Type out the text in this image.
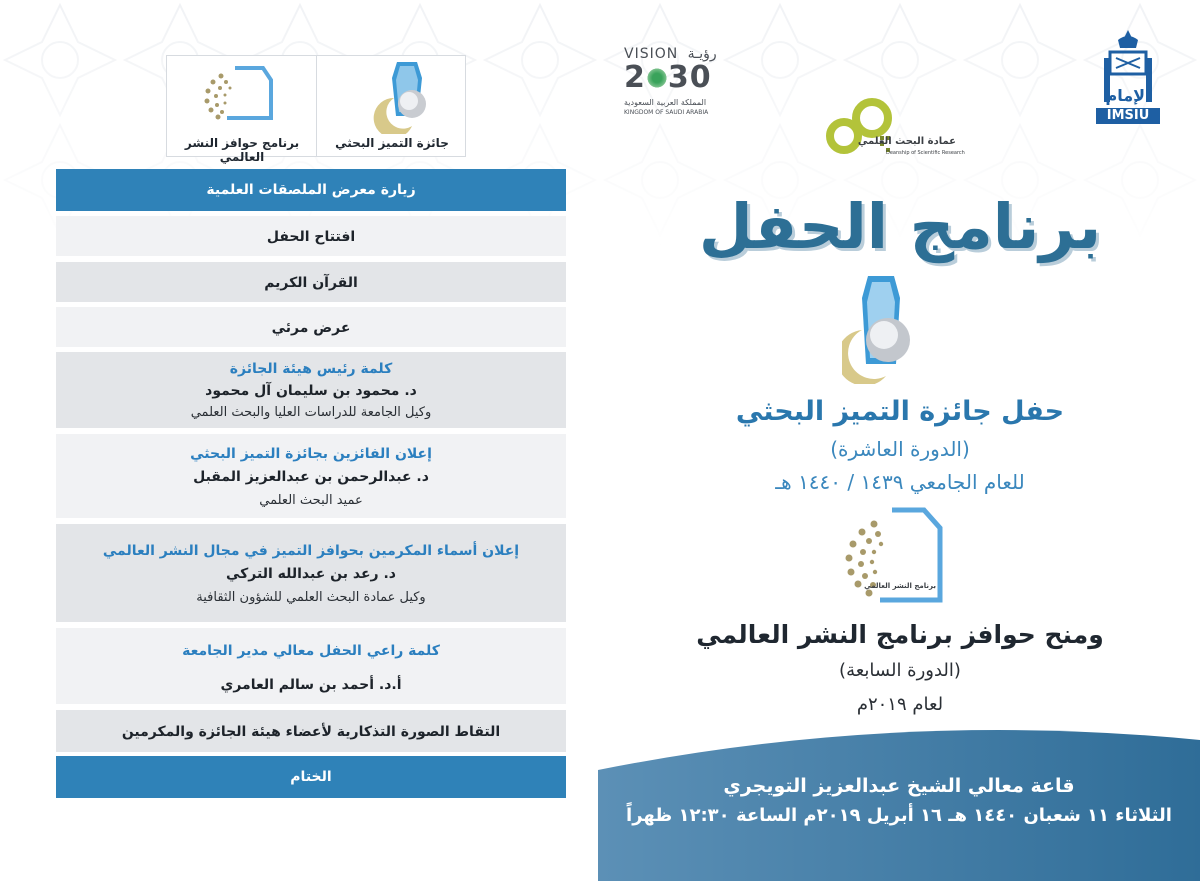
جائزة التميز البحثي
برنامج حوافز النشر العالمي
زيارة معرض الملصقات العلمية
افتتاح الحفل
القرآن الكريم
عرض مرئي
كلمة رئيس هيئة الجائزة
د. محمود بن سليمان آل محمود
وكيل الجامعة للدراسات العليا والبحث العلمي
إعلان الفائزين بجائزة التميز البحثي
د. عبدالرحمن بن عبدالعزيز المقبل
عميد البحث العلمي
إعلان أسماء المكرمين بحوافز التميز في مجال النشر العالمي
د. رعد بن عبدالله التركي
وكيل عمادة البحث العلمي للشؤون الثقافية
كلمة راعي الحفل معالي مدير الجامعة
أ.د. أحمد بن سالم العامري
التقاط الصورة التذكارية لأعضاء هيئة الجائزة والمكرمين
الختام
الإمام
IMSIU
VISION رؤيـة
2 30
المملكة العربية السعودية
KINGDOM OF SAUDI ARABIA
عمادة البحث العلمي
Deanship of Scientific Research
برنامج الحفل
حفل جائزة التميز البحثي
(الدورة العاشرة)
للعام الجامعي ١٤٣٩ / ١٤٤٠ هـ
برنامج النشر العالمي
ومنح حوافز برنامج النشر العالمي
(الدورة السابعة)
لعام ٢٠١٩م
قاعة معالي الشيخ عبدالعزيز التويجري
الثلاثاء ١١ شعبان ١٤٤٠ هـ ١٦ أبريل ٢٠١٩م الساعة ١٢:٣٠ ظهراً
